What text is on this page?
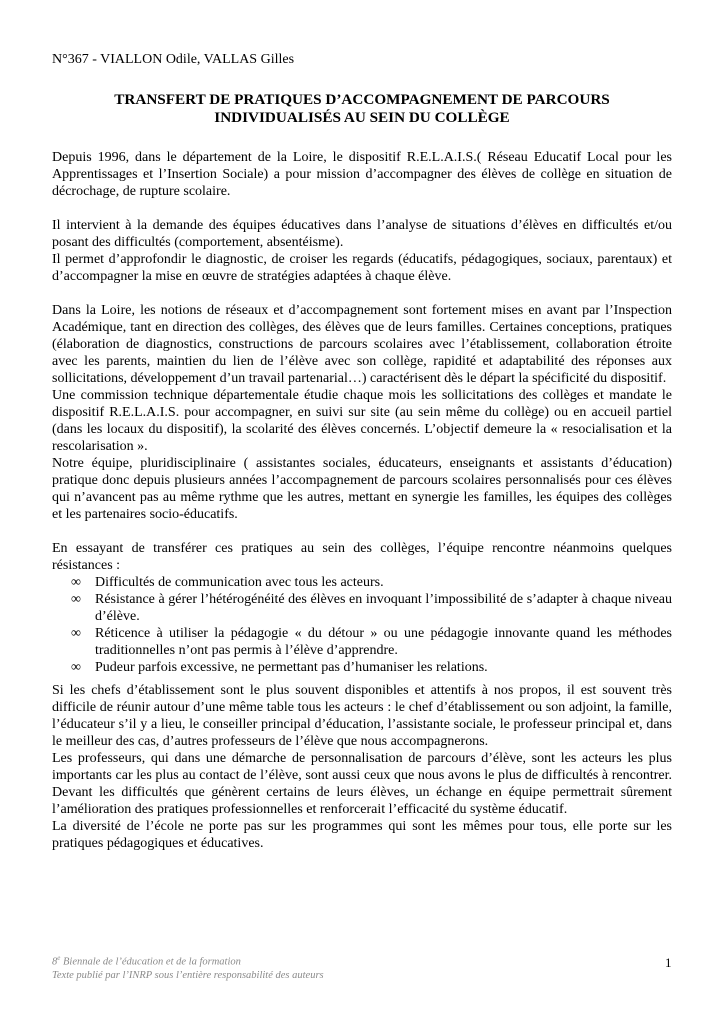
N°367 - VIALLON Odile, VALLAS Gilles
TRANSFERT DE PRATIQUES D’ACCOMPAGNEMENT DE PARCOURS
INDIVIDUALISÉS AU SEIN DU COLLÈGE

Depuis 1996, dans le département de la Loire, le dispositif R.E.L.A.I.S.( Réseau Educatif Local pour les Apprentissages et l’Insertion Sociale) a pour mission d’accompagner des élèves de collège en situation de décrochage, de rupture scolaire.

Il intervient à la demande des équipes éducatives dans l’analyse de situations d’élèves en difficultés et/ou posant des difficultés (comportement, absentéisme).

Il permet d’approfondir le diagnostic, de croiser les regards (éducatifs, pédagogiques, sociaux, parentaux) et d’accompagner la mise en œuvre de stratégies adaptées à chaque élève.

Dans la Loire, les notions de réseaux et d’accompagnement sont fortement mises en avant par l’Inspection Académique, tant en direction des collèges, des élèves que de leurs familles. Certaines conceptions, pratiques (élaboration de diagnostics, constructions de parcours scolaires avec l’établissement, collaboration étroite avec les parents, maintien du lien de l’élève avec son collège, rapidité et adaptabilité des réponses aux sollicitations, développement d’un travail partenarial…) caractérisent dès le départ la spécificité du dispositif.

Une commission technique départementale étudie chaque mois les sollicitations des collèges et mandate le dispositif R.E.L.A.I.S. pour accompagner, en suivi sur site (au sein même du collège) ou en accueil partiel (dans les locaux du dispositif), la scolarité des élèves concernés. L’objectif demeure la « resocialisation et la rescolarisation ».

Notre équipe, pluridisciplinaire ( assistantes sociales, éducateurs, enseignants et assistants d’éducation) pratique donc depuis plusieurs années l’accompagnement de parcours scolaires personnalisés pour ces élèves qui n’avancent pas au même rythme que les autres, mettant en synergie les familles, les équipes des collèges et les partenaires socio-éducatifs.

En essayant de transférer ces pratiques au sein des collèges, l’équipe rencontre néanmoins quelques résistances :

∞ Difficultés de communication avec tous les acteurs.
∞ Résistance à gérer l’hétérogénéité des élèves en invoquant l’impossibilité de s’adapter à chaque niveau d’élève.
∞ Réticence à utiliser la pédagogie « du détour » ou une pédagogie innovante quand les méthodes traditionnelles n’ont pas permis à l’élève d’apprendre.
∞ Pudeur parfois excessive, ne permettant pas d’humaniser les relations.

Si les chefs d’établissement sont le plus souvent disponibles et attentifs à nos propos, il est souvent très difficile de réunir autour d’une même table tous les acteurs : le chef d’établissement ou son adjoint, la famille, l’éducateur s’il y a lieu, le conseiller principal d’éducation, l’assistante sociale, le professeur principal et, dans le meilleur des cas, d’autres professeurs de l’élève que nous accompagnerons.

Les professeurs, qui dans une démarche de personnalisation de parcours d’élève, sont les acteurs les plus importants car les plus au contact de l’élève, sont aussi ceux que nous avons le plus de difficultés à rencontrer. Devant les difficultés que génèrent certains de leurs élèves, un échange en équipe permettrait sûrement l’amélioration des pratiques professionnelles et renforcerait l’efficacité du système éducatif.

La diversité de l’école ne porte pas sur les programmes qui sont les mêmes pour tous, elle porte sur les pratiques pédagogiques et éducatives.

8e Biennale de l’éducation et de la formation
Texte publié par l’INRP sous l’entière responsabilité des auteurs
1
